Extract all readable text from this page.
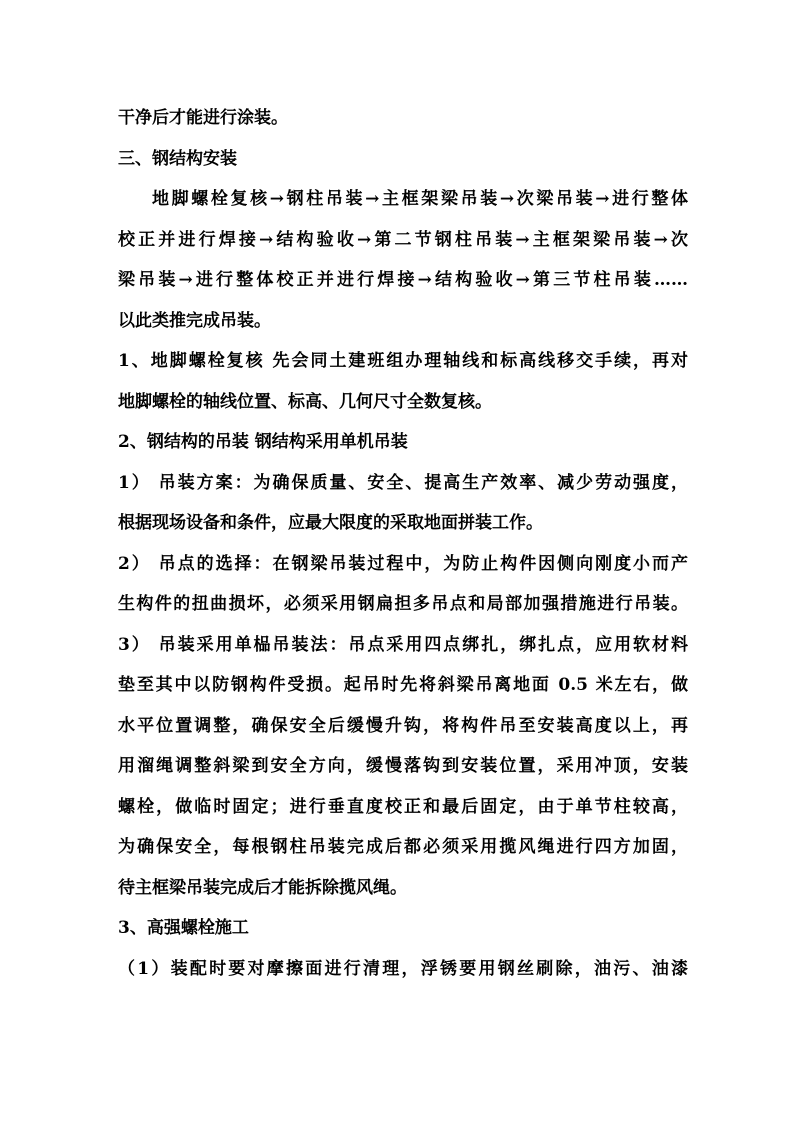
干净后才能进行涂装。
三、钢结构安装
地脚螺栓复核→钢柱吊装→主框架梁吊装→次梁吊装→进行整体
校正并进行焊接→结构验收→第二节钢柱吊装→主框架梁吊装→次
梁吊装→进行整体校正并进行焊接→结构验收→第三节柱吊装……
以此类推完成吊装。
1、地脚螺栓复核 先会同土建班组办理轴线和标高线移交手续，再对
地脚螺栓的轴线位置、标高、几何尺寸全数复核。
2、钢结构的吊装 钢结构采用单机吊装
1） 吊装方案：为确保质量、安全、提高生产效率、减少劳动强度，
根据现场设备和条件，应最大限度的采取地面拼装工作。
2） 吊点的选择：在钢梁吊装过程中，为防止构件因侧向刚度小而产
生构件的扭曲损坏，必须采用钢扁担多吊点和局部加强措施进行吊装。
3） 吊装采用单榀吊装法：吊点采用四点绑扎，绑扎点，应用软材料
垫至其中以防钢构件受损。起吊时先将斜梁吊离地面 0.5 米左右，做
水平位置调整，确保安全后缓慢升钩，将构件吊至安装高度以上，再
用溜绳调整斜梁到安全方向，缓慢落钩到安装位置，采用冲顶，安装
螺栓，做临时固定；进行垂直度校正和最后固定，由于单节柱较高，
为确保安全，每根钢柱吊装完成后都必须采用揽风绳进行四方加固，
待主框梁吊装完成后才能拆除揽风绳。
3、高强螺栓施工
（1）装配时要对摩擦面进行清理，浮锈要用钢丝刷除，油污、油漆
